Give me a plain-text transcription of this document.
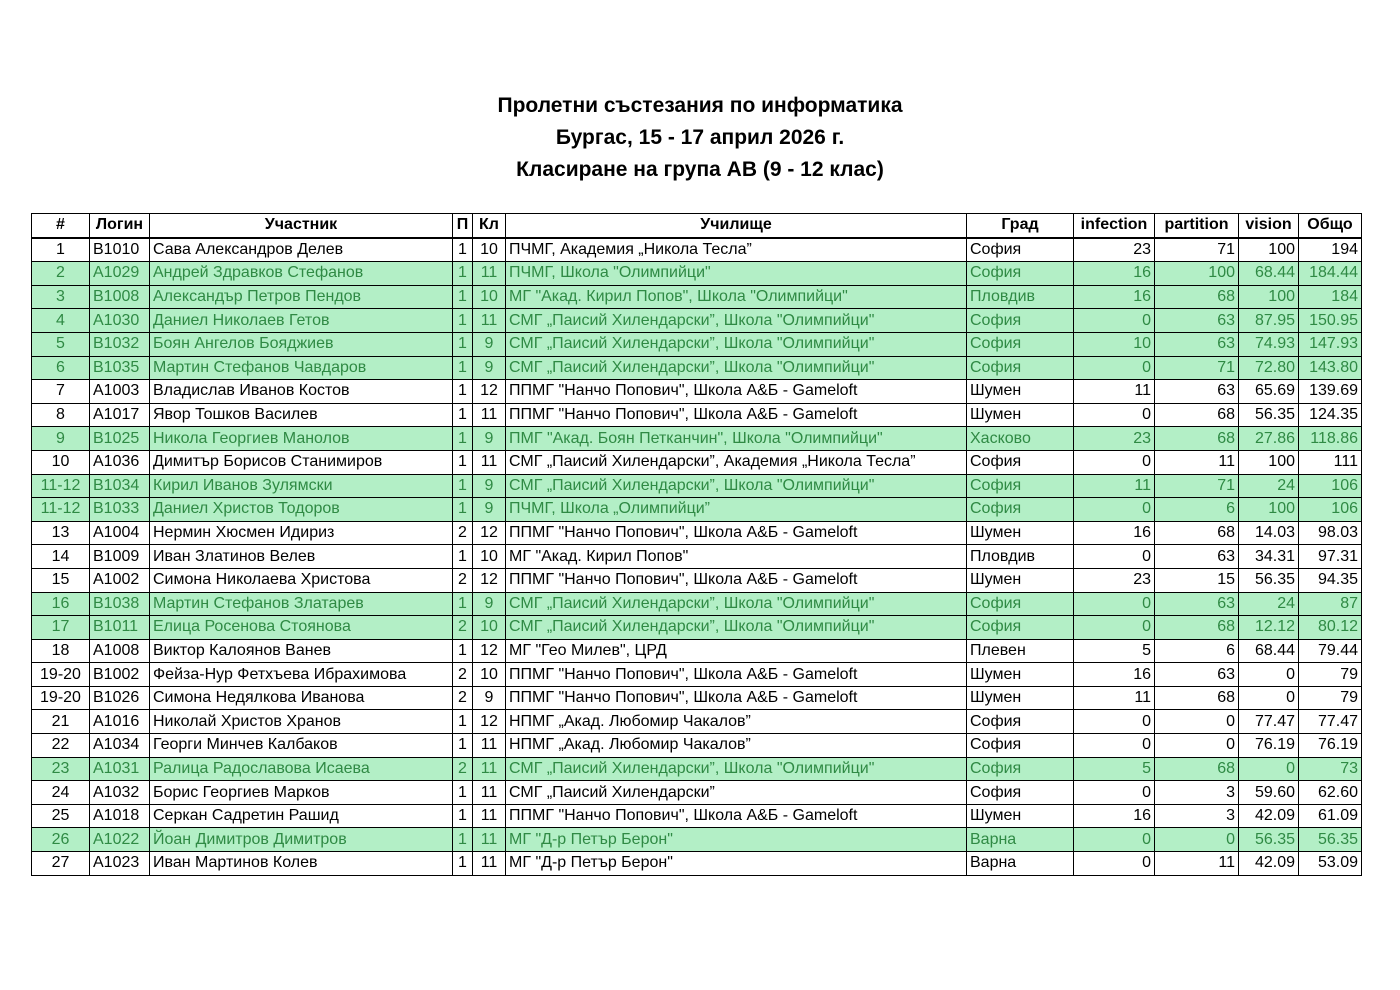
Пролетни състезания по информатика
Бургас, 15 - 17 април 2026 г.
Класиране на група AB (9 - 12 клас)
#	Логин	Участник	П	Кл	Училище	Град	infection	partition	vision	Общо
1	B1010	Сава Александров Делев	1	10	ПЧМГ, Академия „Никола Тесла”	София	23	71	100	194
2	A1029	Андрей Здравков Стефанов	1	11	ПЧМГ, Школа "Олимпийци"	София	16	100	68.44	184.44
3	B1008	Александър Петров Пендов	1	10	МГ "Акад. Кирил Попов", Школа "Олимпийци"	Пловдив	16	68	100	184
4	A1030	Даниел Николаев Гетов	1	11	СМГ „Паисий Хилендарски”, Школа "Олимпийци"	София	0	63	87.95	150.95
5	B1032	Боян Ангелов Бояджиев	1	9	СМГ „Паисий Хилендарски”, Школа "Олимпийци"	София	10	63	74.93	147.93
6	B1035	Мартин Стефанов Чавдаров	1	9	СМГ „Паисий Хилендарски”, Школа "Олимпийци"	София	0	71	72.80	143.80
7	A1003	Владислав Иванов Костов	1	12	ППМГ "Нанчо Попович", Школа А&Б - Gameloft	Шумен	11	63	65.69	139.69
8	A1017	Явор Тошков Василев	1	11	ППМГ "Нанчо Попович", Школа А&Б - Gameloft	Шумен	0	68	56.35	124.35
9	B1025	Никола Георгиев Манолов	1	9	ПМГ "Акад. Боян Петканчин", Школа "Олимпийци"	Хасково	23	68	27.86	118.86
10	A1036	Димитър Борисов Станимиров	1	11	СМГ „Паисий Хилендарски”, Академия „Никола Тесла”	София	0	11	100	111
11-12	B1034	Кирил Иванов Зулямски	1	9	СМГ „Паисий Хилендарски”, Школа "Олимпийци"	София	11	71	24	106
11-12	B1033	Даниел Христов Тодоров	1	9	ПЧМГ, Школа „Олимпийци”	София	0	6	100	106
13	A1004	Нермин Хюсмен Идириз	2	12	ППМГ "Нанчо Попович", Школа А&Б - Gameloft	Шумен	16	68	14.03	98.03
14	B1009	Иван Златинов Велев	1	10	МГ "Акад. Кирил Попов"	Пловдив	0	63	34.31	97.31
15	A1002	Симона Николаева Христова	2	12	ППМГ "Нанчо Попович", Школа А&Б - Gameloft	Шумен	23	15	56.35	94.35
16	B1038	Мартин Стефанов Златарев	1	9	СМГ „Паисий Хилендарски”, Школа "Олимпийци"	София	0	63	24	87
17	B1011	Елица Росенова Стоянова	2	10	СМГ „Паисий Хилендарски”, Школа "Олимпийци"	София	0	68	12.12	80.12
18	A1008	Виктор Калоянов Ванев	1	12	МГ "Гео Милев", ЦРД	Плевен	5	6	68.44	79.44
19-20	B1002	Фейза-Нур Фетхъева Ибрахимова	2	10	ППМГ "Нанчо Попович", Школа А&Б - Gameloft	Шумен	16	63	0	79
19-20	B1026	Симона Недялкова Иванова	2	9	ППМГ "Нанчо Попович", Школа А&Б - Gameloft	Шумен	11	68	0	79
21	A1016	Николай Христов Хранов	1	12	НПМГ „Акад. Любомир Чакалов”	София	0	0	77.47	77.47
22	A1034	Георги Минчев Калбаков	1	11	НПМГ „Акад. Любомир Чакалов”	София	0	0	76.19	76.19
23	A1031	Ралица Радославова Исаева	2	11	СМГ „Паисий Хилендарски”, Школа "Олимпийци"	София	5	68	0	73
24	A1032	Борис Георгиев Марков	1	11	СМГ „Паисий Хилендарски”	София	0	3	59.60	62.60
25	A1018	Серкан Садретин Рашид	1	11	ППМГ "Нанчо Попович", Школа А&Б - Gameloft	Шумен	16	3	42.09	61.09
26	A1022	Йоан Димитров Димитров	1	11	МГ "Д-р Петър Берон"	Варна	0	0	56.35	56.35
27	A1023	Иван Мартинов Колев	1	11	МГ "Д-р Петър Берон"	Варна	0	11	42.09	53.09
